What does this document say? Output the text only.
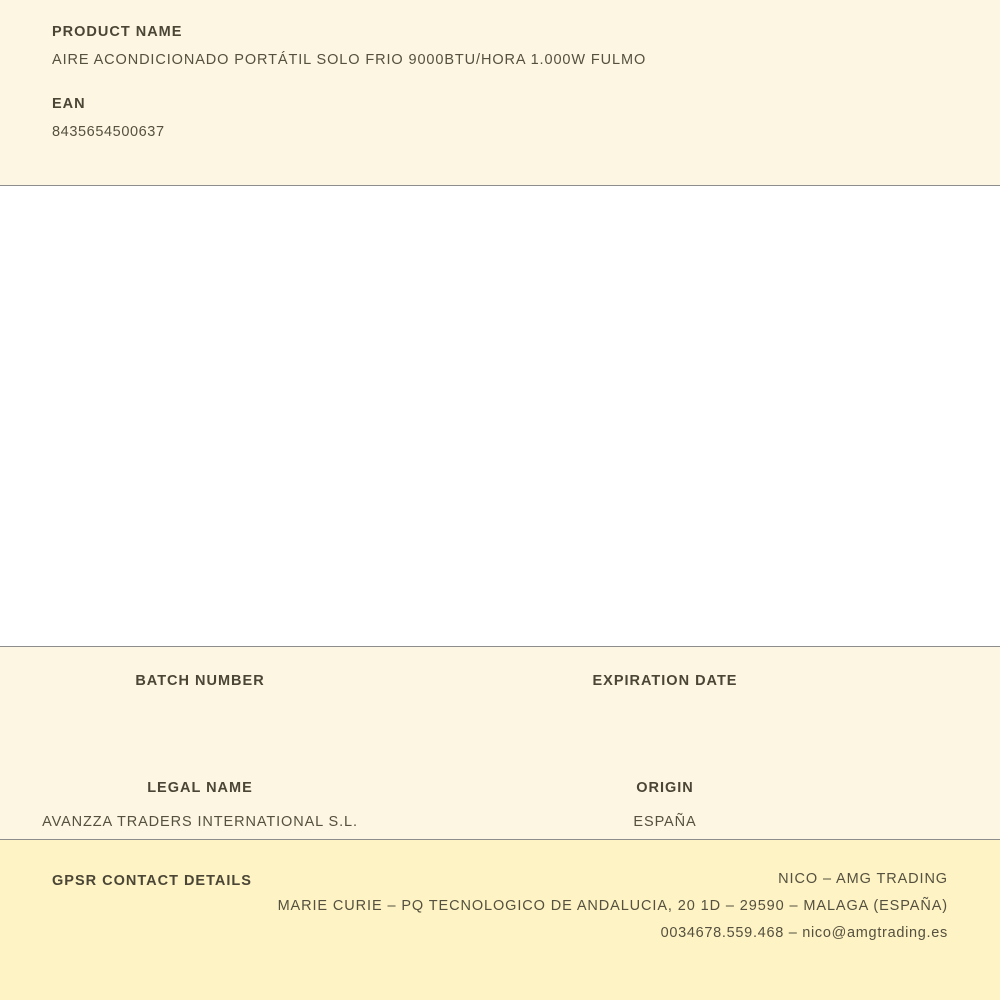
PRODUCT NAME
AIRE ACONDICIONADO PORTÁTIL SOLO FRIO 9000BTU/HORA 1.000W FULMO
EAN
8435654500637
BATCH NUMBER	EXPIRATION DATE
LEGAL NAME
AVANZZA TRADERS INTERNATIONAL S.L.
ORIGIN
ESPAÑA
GPSR CONTACT DETAILS	NICO – AMG TRADING
MARIE CURIE – PQ TECNOLOGICO DE ANDALUCIA, 20 1D – 29590 – MALAGA (ESPAÑA)
0034678.559.468 – nico@amgtrading.es
